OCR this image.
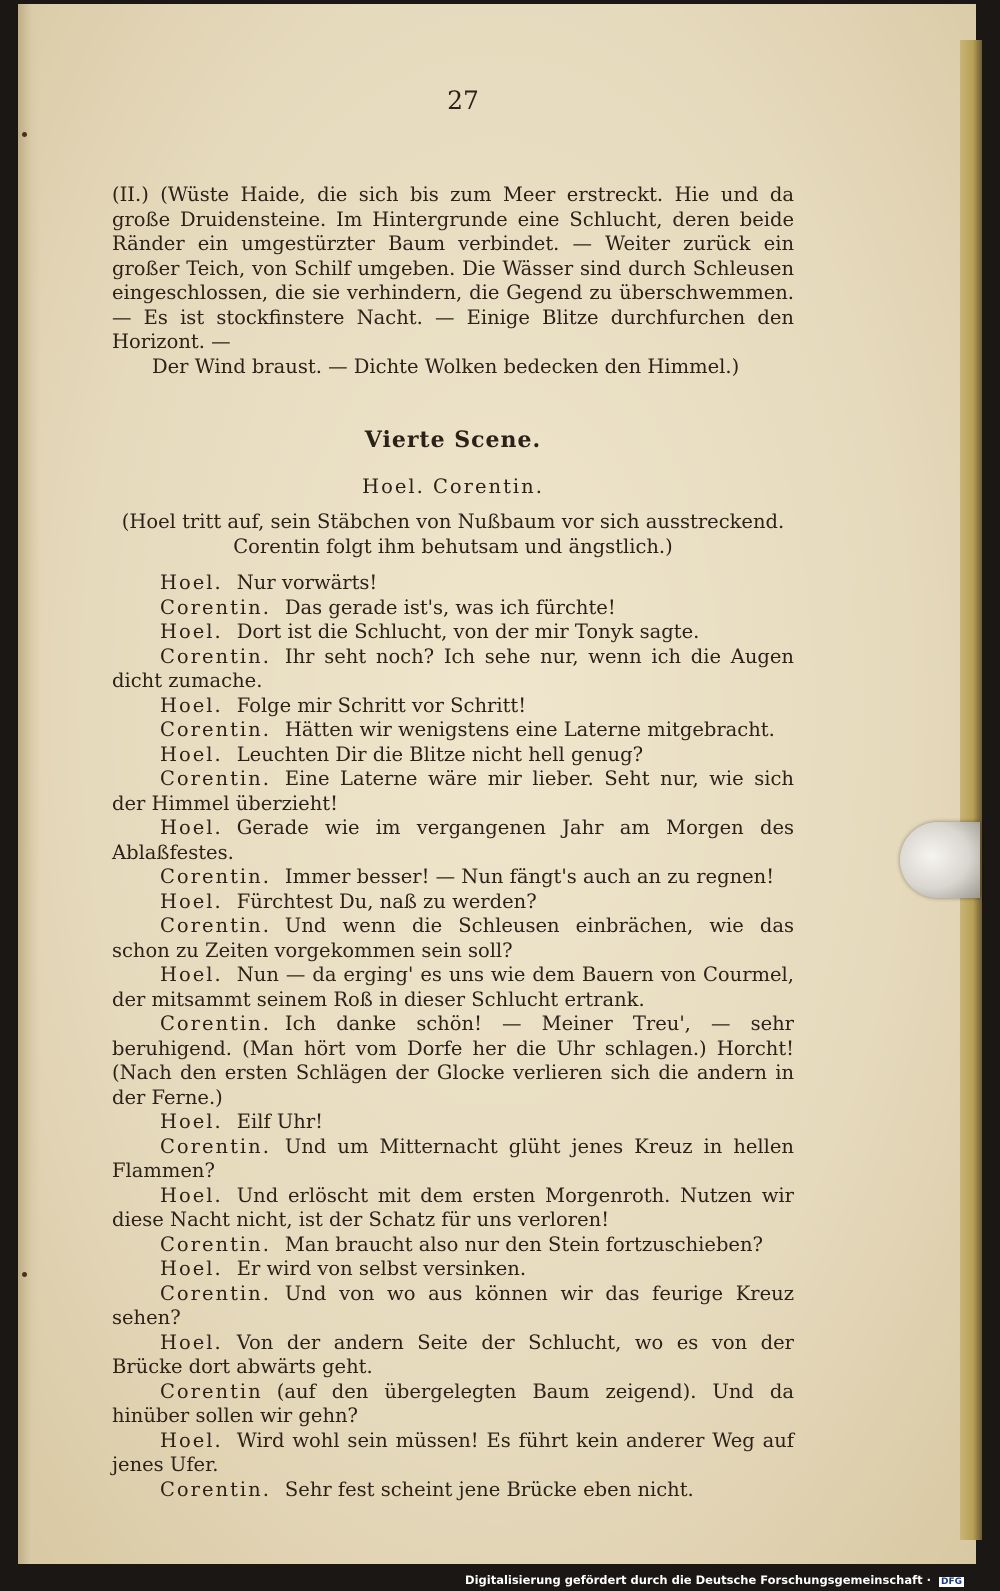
27
(II.) (Wüste Haide, die sich bis zum Meer erstreckt. Hie und da große Druidensteine. Im Hintergrunde eine Schlucht, deren beide Ränder ein umgestürzter Baum verbindet. — Weiter zurück ein großer Teich, von Schilf umgeben. Die Wässer sind durch Schleusen eingeschlossen, die sie verhindern, die Gegend zu überschwemmen. — Es ist stockfinstere Nacht. — Einige Blitze durchfurchen den Horizont. —
Der Wind braust. — Dichte Wolken bedecken den Himmel.)
Vierte Scene.
Hoel. Corentin.
(Hoel tritt auf, sein Stäbchen von Nußbaum vor sich ausstreckend. Corentin folgt ihm behutsam und ängstlich.)
Hoel. Nur vorwärts!
Corentin. Das gerade ist's, was ich fürchte!
Hoel. Dort ist die Schlucht, von der mir Tonyk sagte.
Corentin. Ihr seht noch? Ich sehe nur, wenn ich die Augen dicht zumache.
Hoel. Folge mir Schritt vor Schritt!
Corentin. Hätten wir wenigstens eine Laterne mitgebracht.
Hoel. Leuchten Dir die Blitze nicht hell genug?
Corentin. Eine Laterne wäre mir lieber. Seht nur, wie sich der Himmel überzieht!
Hoel. Gerade wie im vergangenen Jahr am Morgen des Ablaßfestes.
Corentin. Immer besser! — Nun fängt's auch an zu regnen!
Hoel. Fürchtest Du, naß zu werden?
Corentin. Und wenn die Schleusen einbrächen, wie das schon zu Zeiten vorgekommen sein soll?
Hoel. Nun — da erging' es uns wie dem Bauern von Courmel, der mitsammt seinem Roß in dieser Schlucht ertrank.
Corentin. Ich danke schön! — Meiner Treu', — sehr beruhigend. (Man hört vom Dorfe her die Uhr schlagen.) Horcht! (Nach den ersten Schlägen der Glocke verlieren sich die andern in der Ferne.)
Hoel. Eilf Uhr!
Corentin. Und um Mitternacht glüht jenes Kreuz in hellen Flammen?
Hoel. Und erlöscht mit dem ersten Morgenroth. Nutzen wir diese Nacht nicht, ist der Schatz für uns verloren!
Corentin. Man braucht also nur den Stein fortzuschieben?
Hoel. Er wird von selbst versinken.
Corentin. Und von wo aus können wir das feurige Kreuz sehen?
Hoel. Von der andern Seite der Schlucht, wo es von der Brücke dort abwärts geht.
Corentin (auf den übergelegten Baum zeigend). Und da hinüber sollen wir gehn?
Hoel. Wird wohl sein müssen! Es führt kein anderer Weg auf jenes Ufer.
Corentin. Sehr fest scheint jene Brücke eben nicht.
Digitalisierung gefördert durch die Deutsche Forschungsgemeinschaft · DFG
